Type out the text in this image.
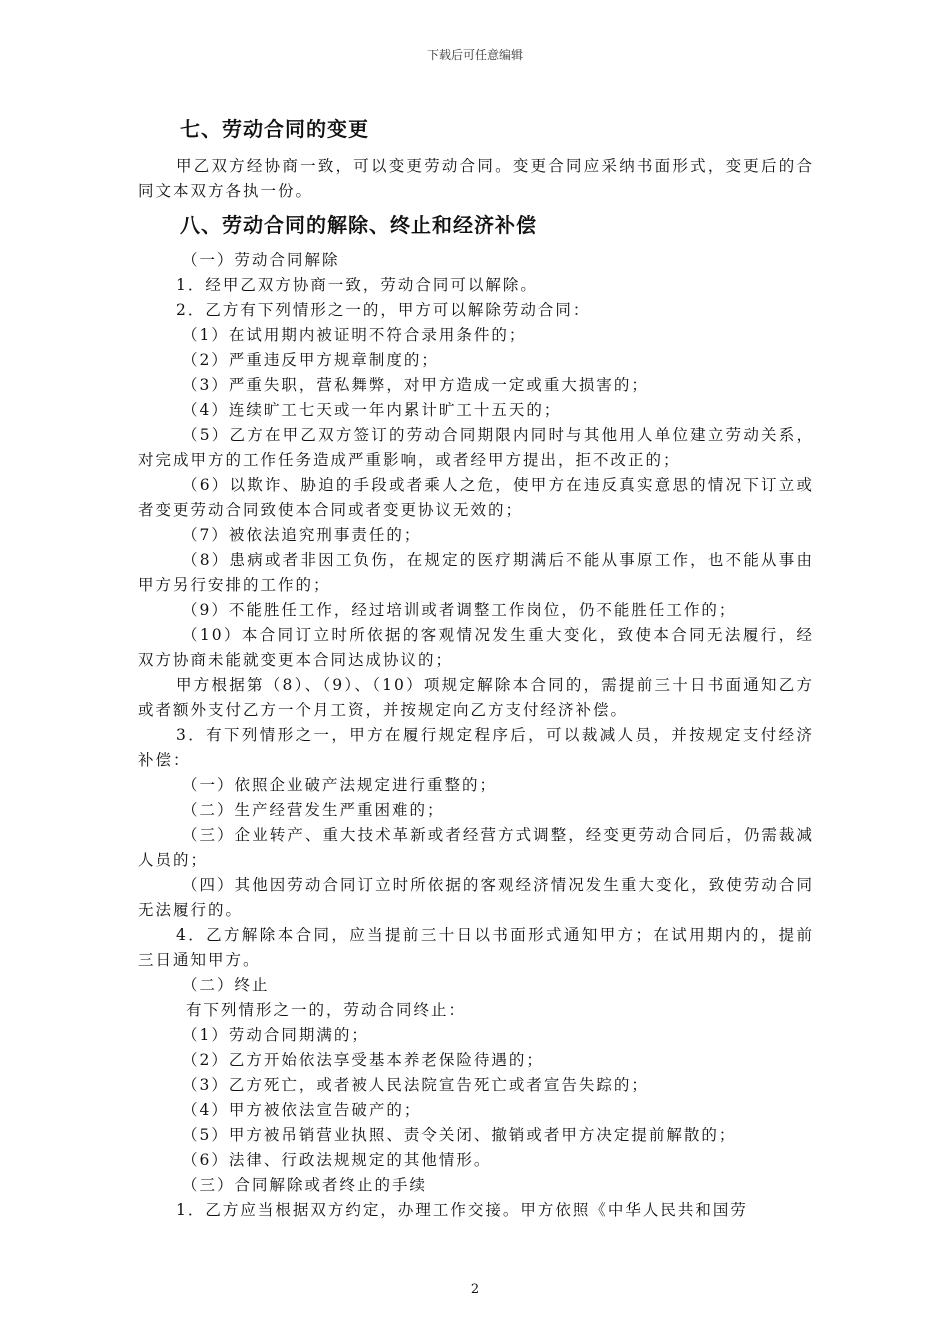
下载后可任意编辑
七、劳动合同的变更

甲乙双方经协商一致，可以变更劳动合同。变更合同应采纳书面形式，变更后的合同文本双方各执一份。

八、劳动合同的解除、终止和经济补偿

（一）劳动合同解除

1．经甲乙双方协商一致，劳动合同可以解除。

2．乙方有下列情形之一的，甲方可以解除劳动合同：

（1）在试用期内被证明不符合录用条件的；

（2）严重违反甲方规章制度的；

（3）严重失职，营私舞弊，对甲方造成一定或重大损害的；

（4）连续旷工七天或一年内累计旷工十五天的；

（5）乙方在甲乙双方签订的劳动合同期限内同时与其他用人单位建立劳动关系，对完成甲方的工作任务造成严重影响，或者经甲方提出，拒不改正的；

（6）以欺诈、胁迫的手段或者乘人之危，使甲方在违反真实意思的情况下订立或者变更劳动合同致使本合同或者变更协议无效的；

（7）被依法追究刑事责任的；

（8）患病或者非因工负伤，在规定的医疗期满后不能从事原工作，也不能从事由甲方另行安排的工作的；

（9）不能胜任工作，经过培训或者调整工作岗位，仍不能胜任工作的；

（10）本合同订立时所依据的客观情况发生重大变化，致使本合同无法履行，经双方协商未能就变更本合同达成协议的；

甲方根据第（8）、（9）、（10）项规定解除本合同的，需提前三十日书面通知乙方或者额外支付乙方一个月工资，并按规定向乙方支付经济补偿。

3．有下列情形之一，甲方在履行规定程序后，可以裁减人员，并按规定支付经济补偿：

（一）依照企业破产法规定进行重整的；

（二）生产经营发生严重困难的；

（三）企业转产、重大技术革新或者经营方式调整，经变更劳动合同后，仍需裁减人员的；

（四）其他因劳动合同订立时所依据的客观经济情况发生重大变化，致使劳动合同无法履行的。

4．乙方解除本合同，应当提前三十日以书面形式通知甲方；在试用期内的，提前三日通知甲方。

（二）终止

有下列情形之一的，劳动合同终止：

（1）劳动合同期满的；

（2）乙方开始依法享受基本养老保险待遇的；

（3）乙方死亡，或者被人民法院宣告死亡或者宣告失踪的；

（4）甲方被依法宣告破产的；

（5）甲方被吊销营业执照、责令关闭、撤销或者甲方决定提前解散的；

（6）法律、行政法规规定的其他情形。

（三）合同解除或者终止的手续

1．乙方应当根据双方约定，办理工作交接。甲方依照《中华人民共和国劳

2
